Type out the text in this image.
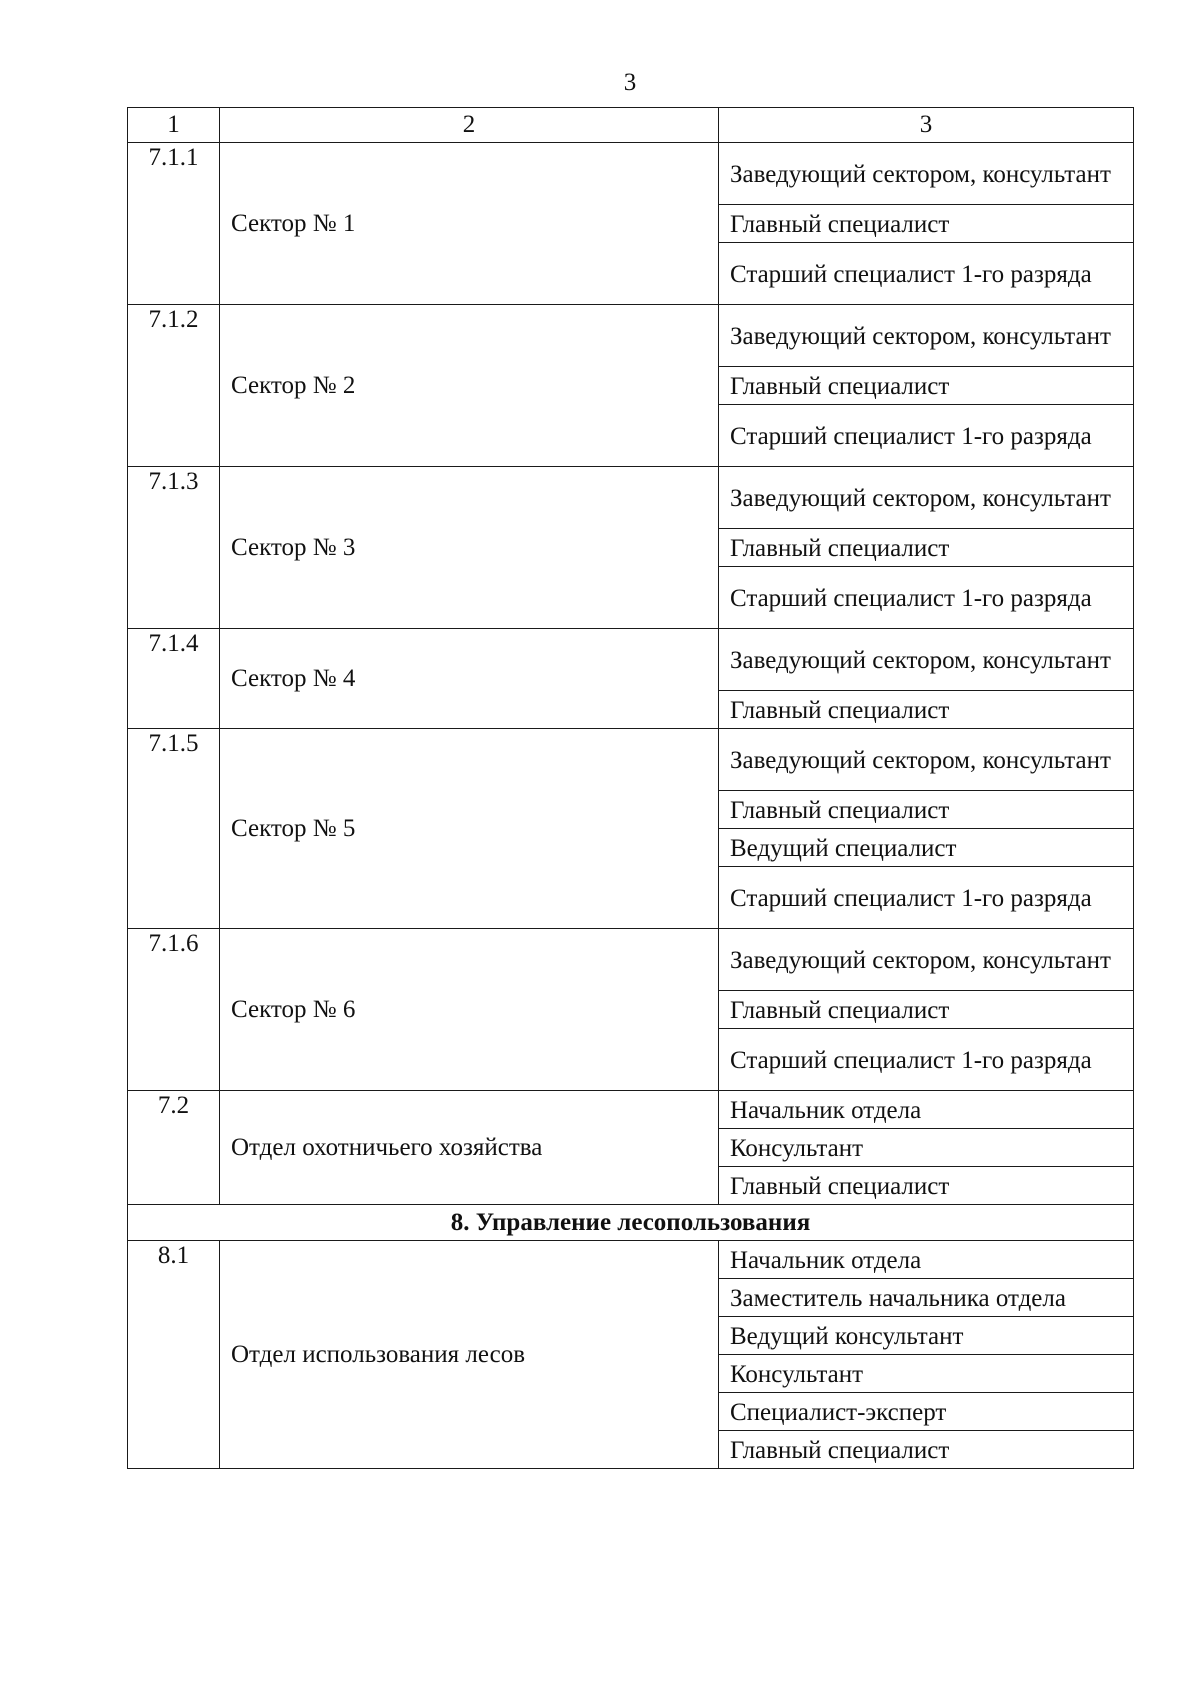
3
1	2	3
7.1.1	Сектор № 1	Заведующий сектором, консультант
		Главный специалист
		Старший специалист 1-го разряда
7.1.2	Сектор № 2	Заведующий сектором, консультант
		Главный специалист
		Старший специалист 1-го разряда
7.1.3	Сектор № 3	Заведующий сектором, консультант
		Главный специалист
		Старший специалист 1-го разряда
7.1.4	Сектор № 4	Заведующий сектором, консультант
		Главный специалист
7.1.5	Сектор № 5	Заведующий сектором, консультант
		Главный специалист
		Ведущий специалист
		Старший специалист 1-го разряда
7.1.6	Сектор № 6	Заведующий сектором, консультант
		Главный специалист
		Старший специалист 1-го разряда
7.2	Отдел охотничьего хозяйства	Начальник отдела
		Консультант
		Главный специалист
8. Управление лесопользования		
8.1	Отдел использования лесов	Начальник отдела
		Заместитель начальника отдела
		Ведущий консультант
		Консультант
		Специалист-эксперт
		Главный специалист
